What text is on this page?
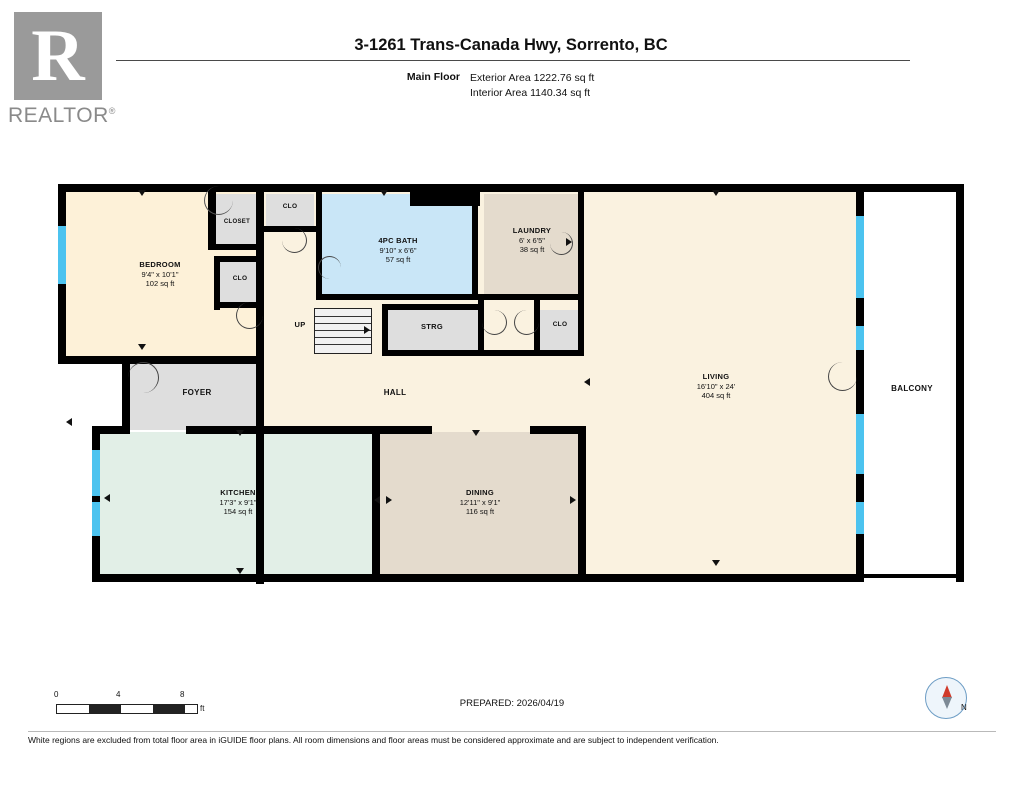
R
REALTOR®
3-1261 Trans-Canada Hwy, Sorrento, BC
Main Floor Exterior Area 1222.76 sq ft
Interior Area 1140.34 sq ft
BEDROOM
9'4" x 10'1"
102 sq ft
CLOSET
CLO
CLO
CLO
4PC BATH
9'10" x 6'6"
57 sq ft
LAUNDRY
6' x 6'5"
38 sq ft
STRG
FOYER	HALL
UP
LIVING
16'10" x 24'
404 sq ft
BALCONY
KITCHEN
17'3" x 9'1"
154 sq ft
DINING
12'11" x 9'1"
116 sq ft
0	4	8
ft	PREPARED: 2026/04/19	N
White regions are excluded from total floor area in iGUIDE floor plans. All room dimensions and floor areas must be considered approximate and are subject to independent verification.
